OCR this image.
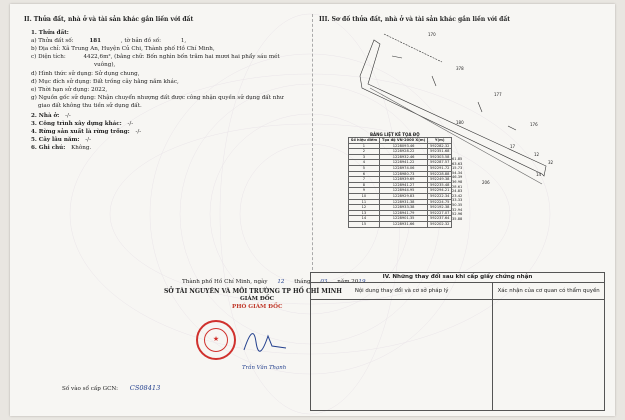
II. Thửa đất, nhà ở và tài sản khác gắn liền với đất
1. Thửa đất:
a) Thửa đất số:	181	, tờ bản đồ số:	1,
b) Địa chỉ: Xã Trung An, Huyện Củ Chi, Thành phố Hồ Chí Minh,
c) Diện tích:	4422,6m², (bằng chữ: Bốn nghìn bốn trăm hai mươi hai phẩy sáu mét
vuông),
d) Hình thức sử dụng: Sử dụng chung,
đ) Mục đích sử dụng: Đất trồng cây hằng năm khác,
e) Thời hạn sử dụng: 2022,
g) Nguồn gốc sử dụng: Nhận chuyển nhượng đất được công nhận quyền sử dụng đất như
giao đất không thu tiền sử dụng đất.
2. Nhà ở: -/-
3. Công trình xây dựng khác: -/-
4. Rừng sản xuất là rừng trồng: -/-
5. Cây lâu năm: -/-
6. Ghi chú: Không.
Thành phố Hồ Chí Minh, ngày 12 tháng 03 năm 2019
SỞ TÀI NGUYÊN VÀ MÔI TRƯỜNG TP HỒ CHÍ MINH
GIÁM ĐỐC
PHÓ GIÁM ĐỐC
★
Trần Văn Thạnh
Số vào sổ cấp GCN: CS08413
III. Sơ đồ thửa đất, nhà ở và tài sản khác gắn liền với đất
170
378
177
180	176
206
17
12
14
32
BẢNG LIỆT KÊ TỌA ĐỘ
Số hiệu điểm	Tọa độ VN-2000 X(m)	Y(m)
1	1228093.46	592282.32
2	1228928.22	592351.68
3	1228932.46	592303.58
4	1228941.22	592287.57
5	1228974.06	592291.72
6	1228980.73	592228.88
7	1228939.69	592249.38
8	1228941.27	592235.48
9	1228944.95	592294.21
10	1228929.83	592222.34
11	1228931.38	592224.75
12	1228933.38	592192.38
13	1228941.79	592227.07
14	1228901.35	592237.64
15	1228931.66	592202.32
61.85
63.63
15.73
54.34
46.39
36.98
28.61
24.83
23.42
33.33
50.35
32.94
52.96
35.88
IV. Những thay đổi sau khi cấp giấy chứng nhận	
Nội dung thay đổi và cơ sở pháp lý	Xác nhận của cơ quan có thẩm quyền
